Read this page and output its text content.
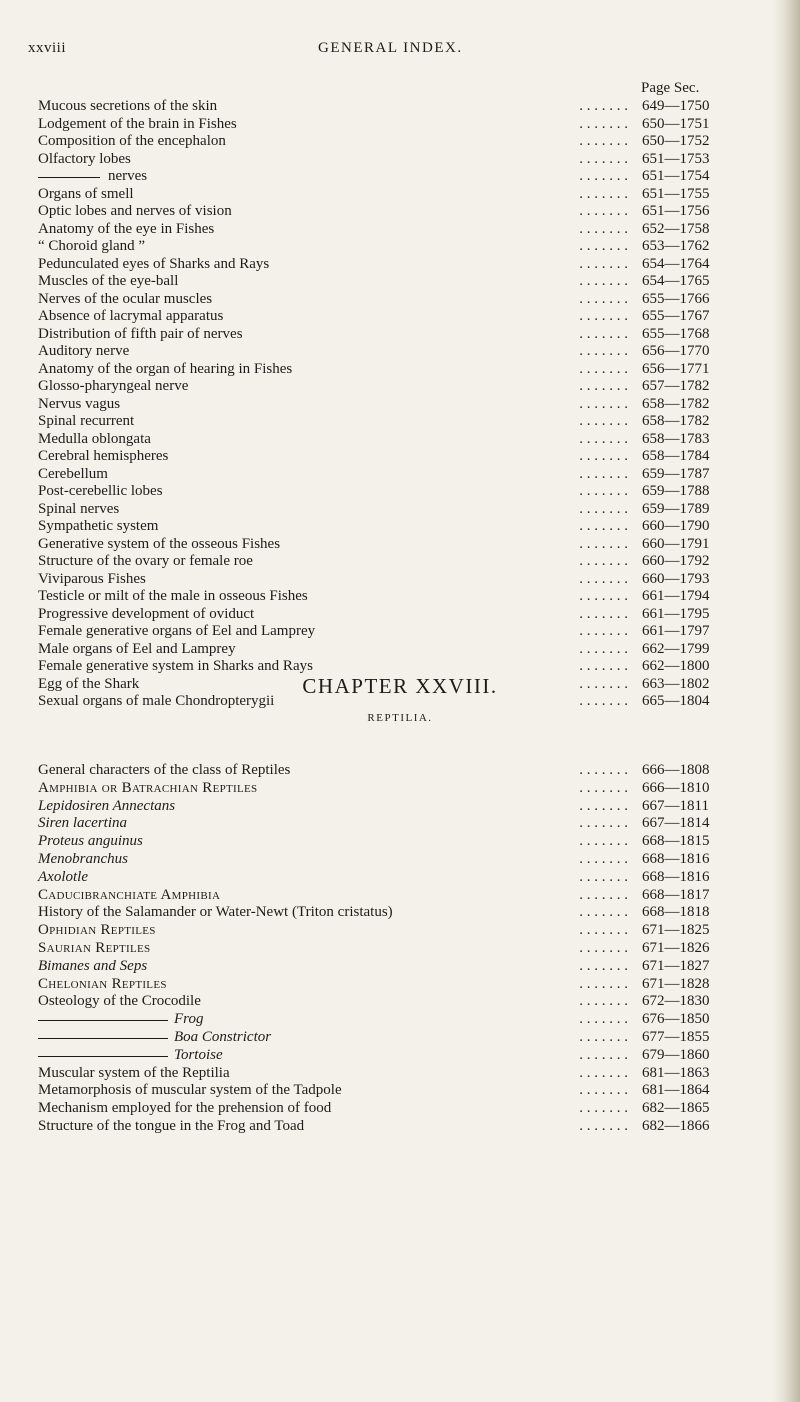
xxviii	GENERAL INDEX.
Page Sec.
Mucous secretions of the skin	. . . . . . . 649—1750
Lodgement of the brain in Fishes	. . . . . . . 650—1751
Composition of the encephalon	. . . . . . . 650—1752
Olfactory lobes	. . . . . . . 651—1753
nerves	. . . . . . . 651—1754
Organs of smell	. . . . . . . 651—1755
Optic lobes and nerves of vision	. . . . . . . 651—1756
Anatomy of the eye in Fishes	. . . . . . . 652—1758
“ Choroid gland ”	. . . . . . . 653—1762
Pedunculated eyes of Sharks and Rays	. . . . . . . 654—1764
Muscles of the eye-ball	. . . . . . . 654—1765
Nerves of the ocular muscles	. . . . . . . 655—1766
Absence of lacrymal apparatus	. . . . . . . 655—1767
Distribution of fifth pair of nerves	. . . . . . . 655—1768
Auditory nerve	. . . . . . . 656—1770
Anatomy of the organ of hearing in Fishes	. . . . . . . 656—1771
Glosso-pharyngeal nerve	. . . . . . . 657—1782
Nervus vagus	. . . . . . . 658—1782
Spinal recurrent	. . . . . . . 658—1782
Medulla oblongata	. . . . . . . 658—1783
Cerebral hemispheres	. . . . . . . 658—1784
Cerebellum	. . . . . . . 659—1787
Post-cerebellic lobes	. . . . . . . 659—1788
Spinal nerves	. . . . . . . 659—1789
Sympathetic system	. . . . . . . 660—1790
Generative system of the osseous Fishes	. . . . . . . 660—1791
Structure of the ovary or female roe	. . . . . . . 660—1792
Viviparous Fishes	. . . . . . . 660—1793
Testicle or milt of the male in osseous Fishes	. . . . . . . 661—1794
Progressive development of oviduct	. . . . . . . 661—1795
Female generative organs of Eel and Lamprey	. . . . . . . 661—1797
Male organs of Eel and Lamprey	. . . . . . . 662—1799
Female generative system in Sharks and Rays	. . . . . . . 662—1800
Egg of the Shark	. . . . . . . 663—1802
Sexual organs of male Chondropterygii	. . . . . . . 665—1804
CHAPTER XXVIII.
REPTILIA.
General characters of the class of Reptiles	. . . . . . . 666—1808
Amphibia or Batrachian Reptiles	. . . . . . . 666—1810
Lepidosiren Annectans	. . . . . . . 667—1811
Siren lacertina	. . . . . . . 667—1814
Proteus anguinus	. . . . . . . 668—1815
Menobranchus	. . . . . . . 668—1816
Axolotle	. . . . . . . 668—1816
Caducibranchiate Amphibia	. . . . . . . 668—1817
History of the Salamander or Water-Newt (Triton cristatus)	. . . . . . . 668—1818
Ophidian Reptiles	. . . . . . . 671—1825
Saurian Reptiles	. . . . . . . 671—1826
Bimanes and Seps	. . . . . . . 671—1827
Chelonian Reptiles	. . . . . . . 671—1828
Osteology of the Crocodile	. . . . . . . 672—1830
Frog	. . . . . . . 676—1850
Boa Constrictor	. . . . . . . 677—1855
Tortoise	. . . . . . . 679—1860
Muscular system of the Reptilia	. . . . . . . 681—1863
Metamorphosis of muscular system of the Tadpole	. . . . . . . 681—1864
Mechanism employed for the prehension of food	. . . . . . . 682—1865
Structure of the tongue in the Frog and Toad	. . . . . . . 682—1866
